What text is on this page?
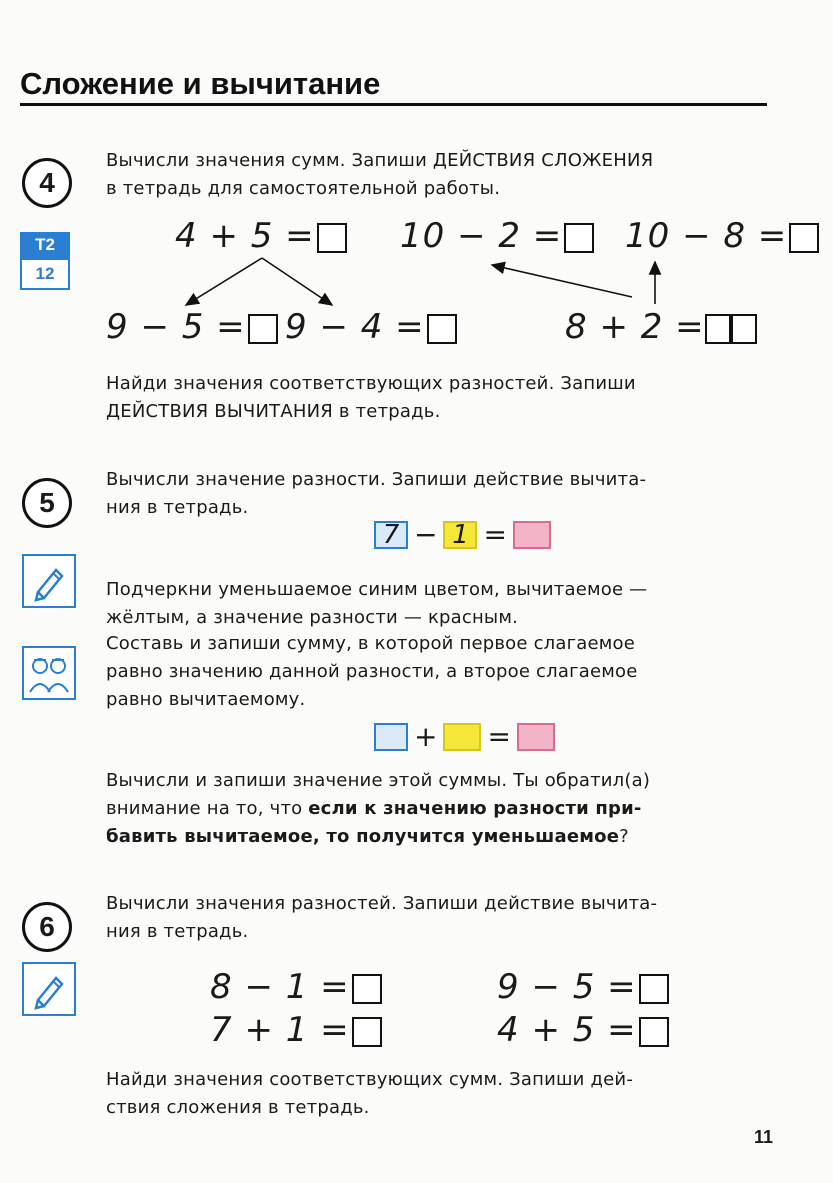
Сложение и вычитание
4
Т2
12
Вычисли значения сумм. Запиши ДЕЙСТВИЯ СЛОЖЕНИЯ
в тетрадь для самостоятельной работы.
4 + 5 =	10 − 2 =	10 − 8 =
9 − 5 =	9 − 4 =	8 + 2 =
Найди значения соответствующих разностей. Запиши
ДЕЙСТВИЯ ВЫЧИТАНИЯ в тетрадь.
5
Вычисли значение разности. Запиши действие вычита-
ния в тетрадь.
7 − 1 =
Подчеркни уменьшаемое синим цветом, вычитаемое —
жёлтым, а значение разности — красным.
Составь и запиши сумму, в которой первое слагаемое
равно значению данной разности, а второе слагаемое
равно вычитаемому.
+ =
Вычисли и запиши значение этой суммы. Ты обратил(а)
внимание на то, что если к значению разности при-
бавить вычитаемое, то получится уменьшаемое?
6
Вычисли значения разностей. Запиши действие вычита-
ния в тетрадь.
8 − 1 =	9 − 5 =
7 + 1 =	4 + 5 =
Найди значения соответствующих сумм. Запиши дей-
ствия сложения в тетрадь.
11
